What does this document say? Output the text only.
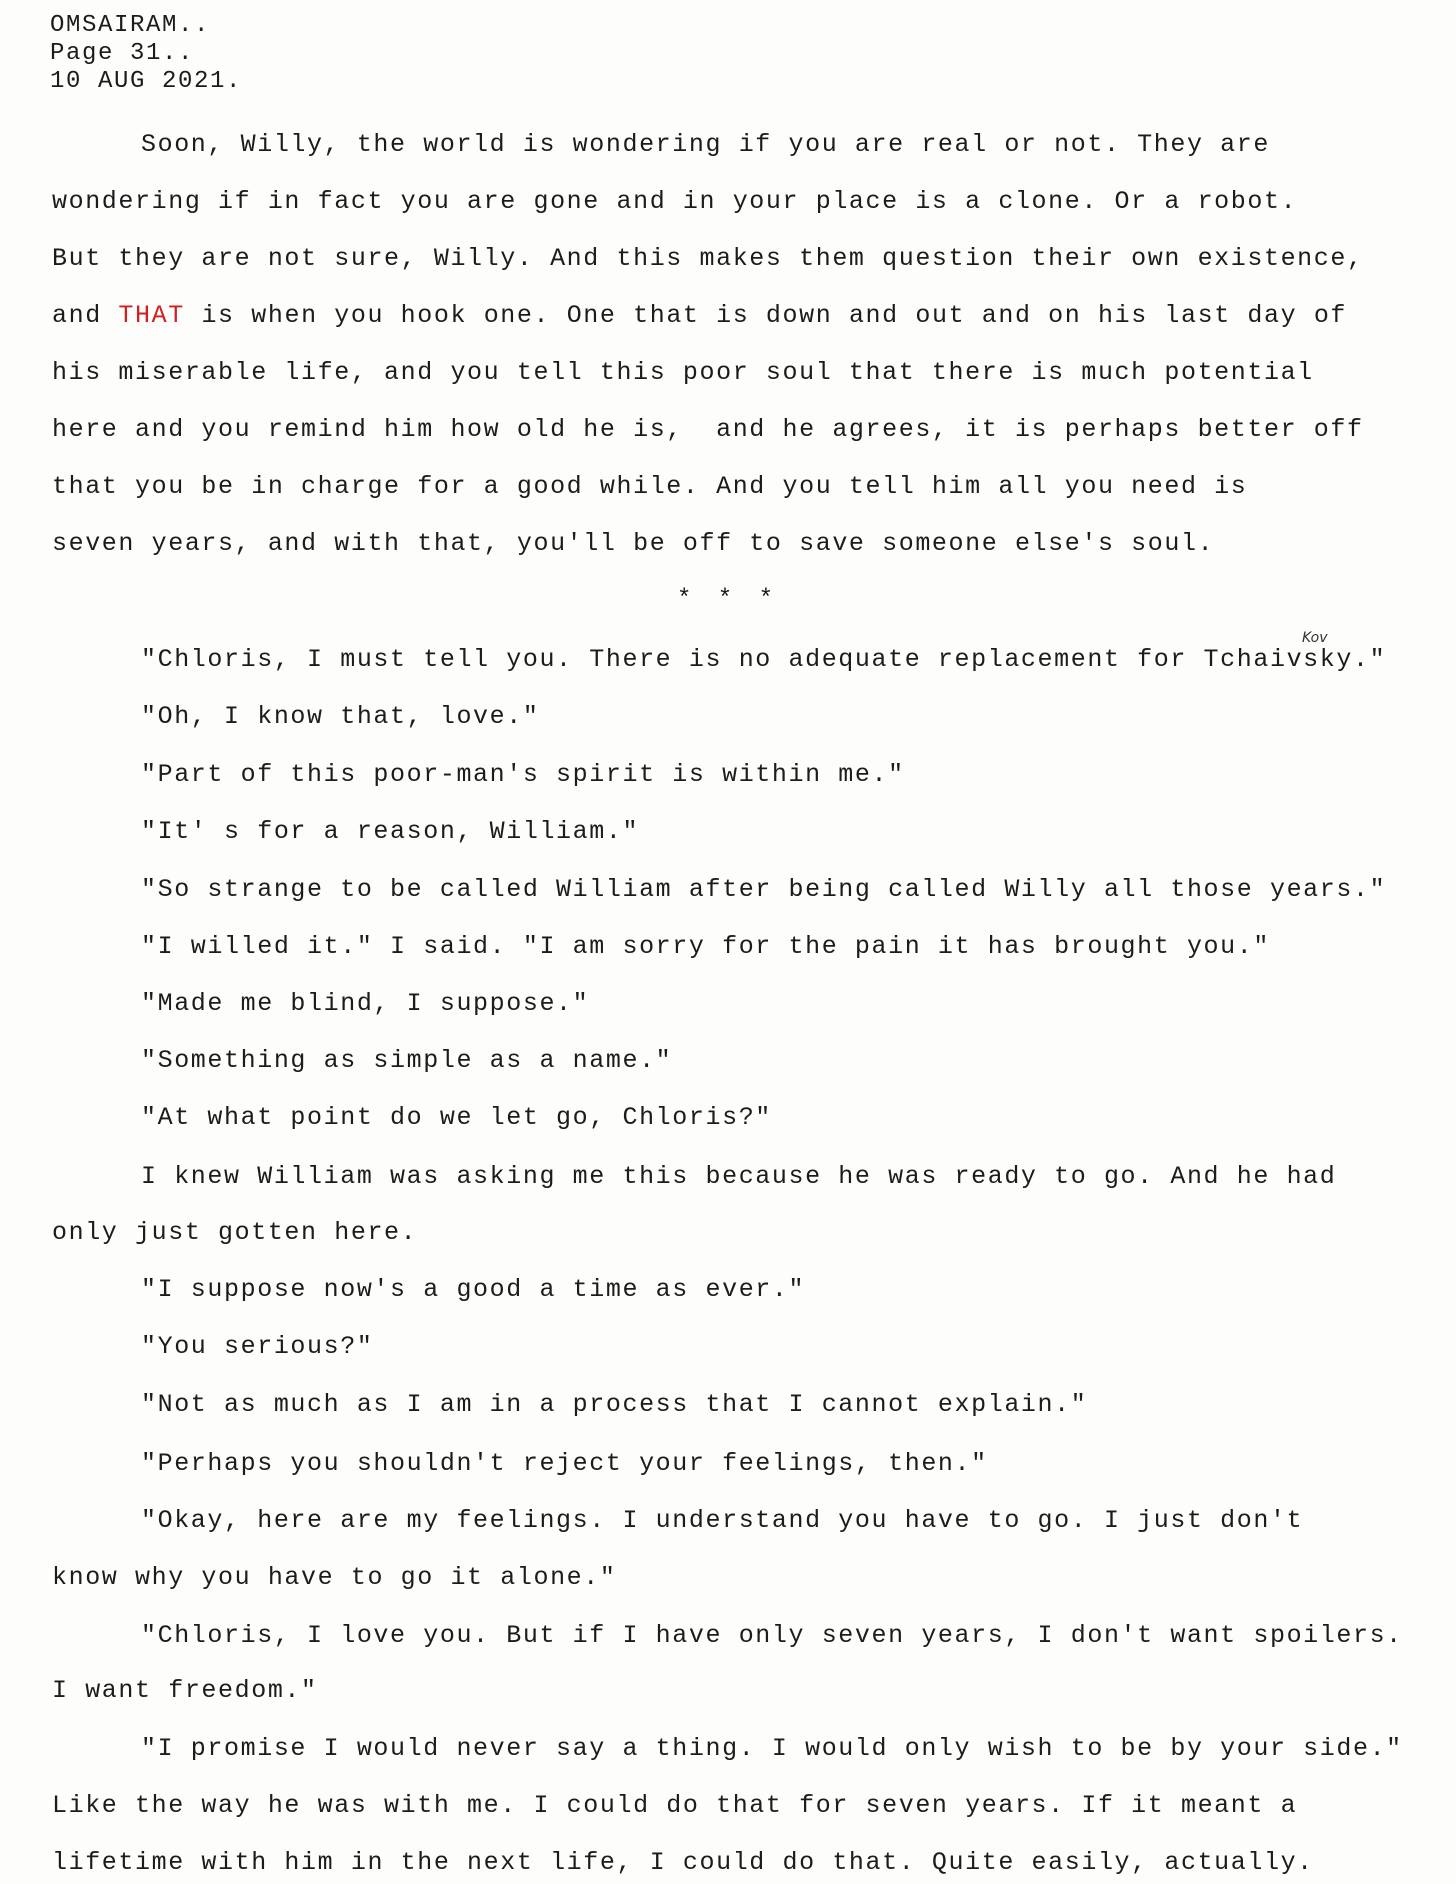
OMSAIRAM..
Page 31..
10 AUG 2021.
Soon, Willy, the world is wondering if you are real or not. They are
wondering if in fact you are gone and in your place is a clone. Or a robot.
But they are not sure, Willy. And this makes them question their own existence,
and THAT is when you hook one. One that is down and out and on his last day of
his miserable life, and you tell this poor soul that there is much potential
here and you remind him how old he is,  and he agrees, it is perhaps better off
that you be in charge for a good while. And you tell him all you need is
seven years, and with that, you'll be off to save someone else's soul.
* * *
Kov
"Chloris, I must tell you. There is no adequate replacement for Tchaivsky."
"Oh, I know that, love."
"Part of this poor-man's spirit is within me."
"It' s for a reason, William."
"So strange to be called William after being called Willy all those years."
"I willed it." I said. "I am sorry for the pain it has brought you."
"Made me blind, I suppose."
"Something as simple as a name."
"At what point do we let go, Chloris?"
I knew William was asking me this because he was ready to go. And he had
only just gotten here.
"I suppose now's a good a time as ever."
"You serious?"
"Not as much as I am in a process that I cannot explain."
"Perhaps you shouldn't reject your feelings, then."
"Okay, here are my feelings. I understand you have to go. I just don't
know why you have to go it alone."
"Chloris, I love you. But if I have only seven years, I don't want spoilers.
I want freedom."
"I promise I would never say a thing. I would only wish to be by your side."
Like the way he was with me. I could do that for seven years. If it meant a
lifetime with him in the next life, I could do that. Quite easily, actually.
